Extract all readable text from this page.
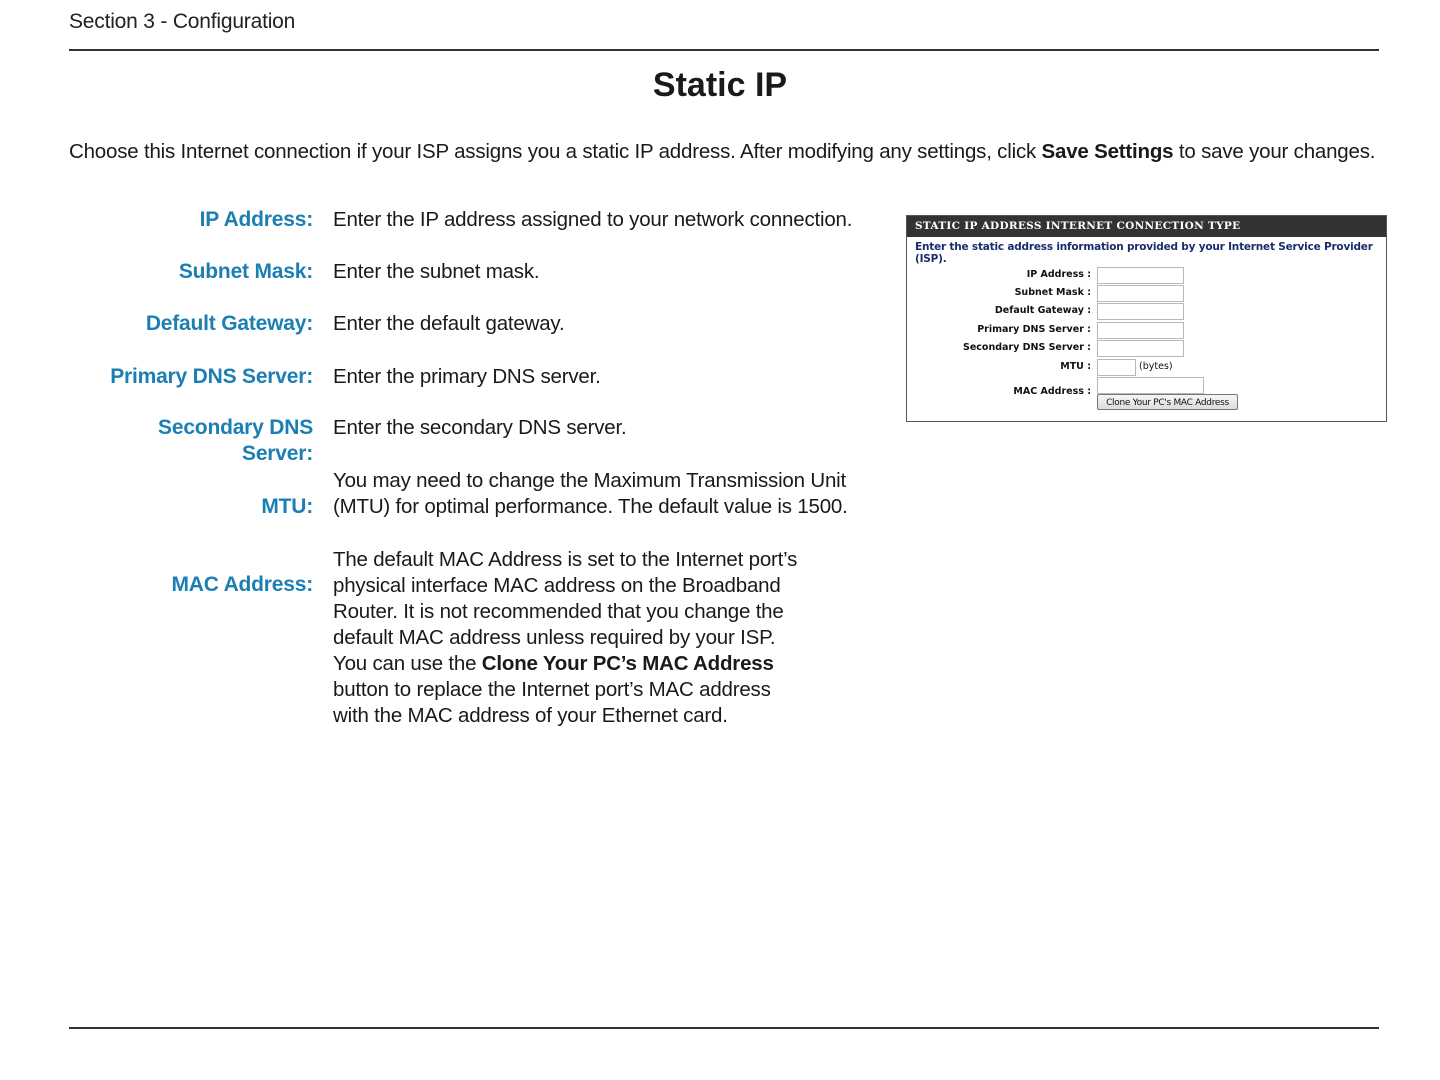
Section 3 - Configuration
Static IP
Choose this Internet connection if your ISP assigns you a static IP address. After modifying any settings, click Save Settings to save your changes.
IP Address: Enter the IP address assigned to your network connection.
Subnet Mask: Enter the subnet mask.
Default Gateway: Enter the default gateway.
Primary DNS Server: Enter the primary DNS server.
Secondary DNS
Server:
Enter the secondary DNS server.
MTU:
You may need to change the Maximum Transmission Unit
(MTU) for optimal performance. The default value is 1500.
MAC Address:
The default MAC Address is set to the Internet port’s
physical interface MAC address on the Broadband
Router. It is not recommended that you change the
default MAC address unless required by your ISP.
You can use the Clone Your PC’s MAC Address
button to replace the Internet port’s MAC address
with the MAC address of your Ethernet card.
STATIC IP ADDRESS INTERNET CONNECTION TYPE
Enter the static address information provided by your Internet Service Provider (ISP).
IP Address :
Subnet Mask :
Default Gateway :
Primary DNS Server :
Secondary DNS Server :
MTU :	(bytes)
MAC Address :
Clone Your PC's MAC Address
